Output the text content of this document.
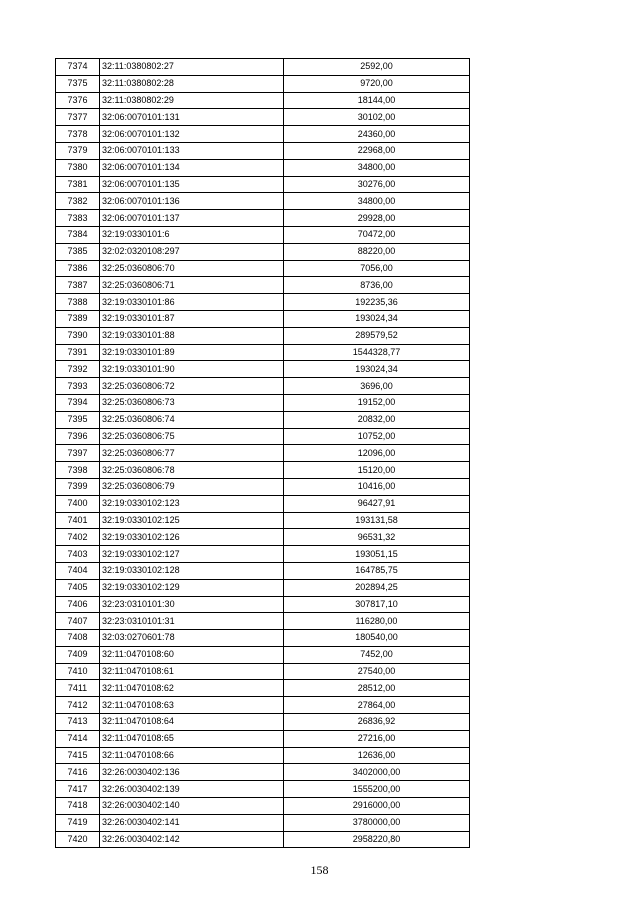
7374	32:11:0380802:27	2592,00
7375	32:11:0380802:28	9720,00
7376	32:11:0380802:29	18144,00
7377	32:06:0070101:131	30102,00
7378	32:06:0070101:132	24360,00
7379	32:06:0070101:133	22968,00
7380	32:06:0070101:134	34800,00
7381	32:06:0070101:135	30276,00
7382	32:06:0070101:136	34800,00
7383	32:06:0070101:137	29928,00
7384	32:19:0330101:6	70472,00
7385	32:02:0320108:297	88220,00
7386	32:25:0360806:70	7056,00
7387	32:25:0360806:71	8736,00
7388	32:19:0330101:86	192235,36
7389	32:19:0330101:87	193024,34
7390	32:19:0330101:88	289579,52
7391	32:19:0330101:89	1544328,77
7392	32:19:0330101:90	193024,34
7393	32:25:0360806:72	3696,00
7394	32:25:0360806:73	19152,00
7395	32:25:0360806:74	20832,00
7396	32:25:0360806:75	10752,00
7397	32:25:0360806:77	12096,00
7398	32:25:0360806:78	15120,00
7399	32:25:0360806:79	10416,00
7400	32:19:0330102:123	96427,91
7401	32:19:0330102:125	193131,58
7402	32:19:0330102:126	96531,32
7403	32:19:0330102:127	193051,15
7404	32:19:0330102:128	164785,75
7405	32:19:0330102:129	202894,25
7406	32:23:0310101:30	307817,10
7407	32:23:0310101:31	116280,00
7408	32:03:0270601:78	180540,00
7409	32:11:0470108:60	7452,00
7410	32:11:0470108:61	27540,00
7411	32:11:0470108:62	28512,00
7412	32:11:0470108:63	27864,00
7413	32:11:0470108:64	26836,92
7414	32:11:0470108:65	27216,00
7415	32:11:0470108:66	12636,00
7416	32:26:0030402:136	3402000,00
7417	32:26:0030402:139	1555200,00
7418	32:26:0030402:140	2916000,00
7419	32:26:0030402:141	3780000,00
7420	32:26:0030402:142	2958220,80
158
